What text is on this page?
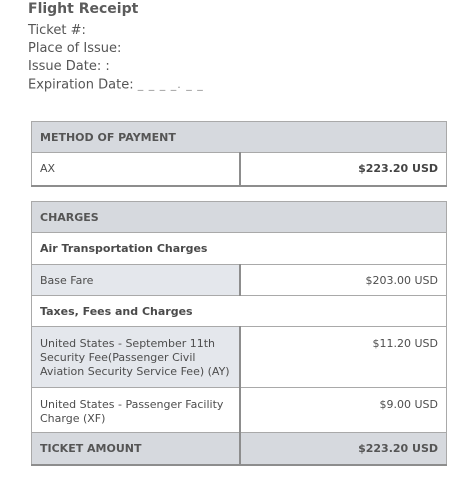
Flight Receipt
Ticket #:
Place of Issue:
Issue Date: :
Expiration Date: _ _ _ _. _ _
METHOD OF PAYMENT
AX	$223.20 USD
CHARGES	
Air Transportation Charges	
Base Fare	$203.00 USD
Taxes, Fees and Charges	
United States - September 11th Security Fee(Passenger Civil Aviation Security Service Fee) (AY)	$11.20 USD
United States - Passenger Facility Charge (XF)	$9.00 USD
TICKET AMOUNT	$223.20 USD
